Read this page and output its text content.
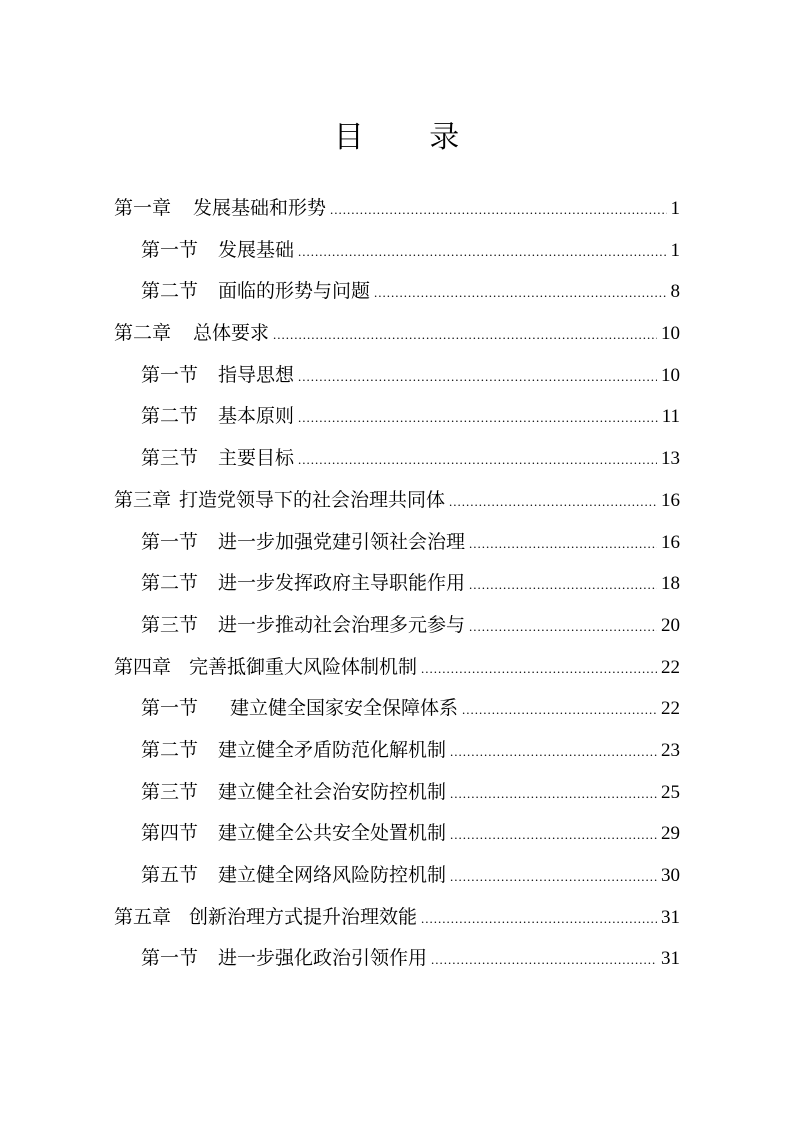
目 录
第一章 发展基础和形势 .....	1
第一节 发展基础 .....	1
第二节 面临的形势与问题 .....	8
第二章 总体要求 .....	10
第一节 指导思想 .....	10
第二节 基本原则 .....	11
第三节 主要目标 .....	13
第三章 打造党领导下的社会治理共同体 .....	16
第一节 进一步加强党建引领社会治理 .....	16
第二节 进一步发挥政府主导职能作用 .....	18
第三节 进一步推动社会治理多元参与 .....	20
第四章 完善抵御重大风险体制机制 .....	22
第一节 建立健全国家安全保障体系 .....	22
第二节 建立健全矛盾防范化解机制 .....	23
第三节 建立健全社会治安防控机制 .....	25
第四节 建立健全公共安全处置机制 .....	29
第五节 建立健全网络风险防控机制 .....	30
第五章 创新治理方式提升治理效能 .....	31
第一节 进一步强化政治引领作用 .....	31
